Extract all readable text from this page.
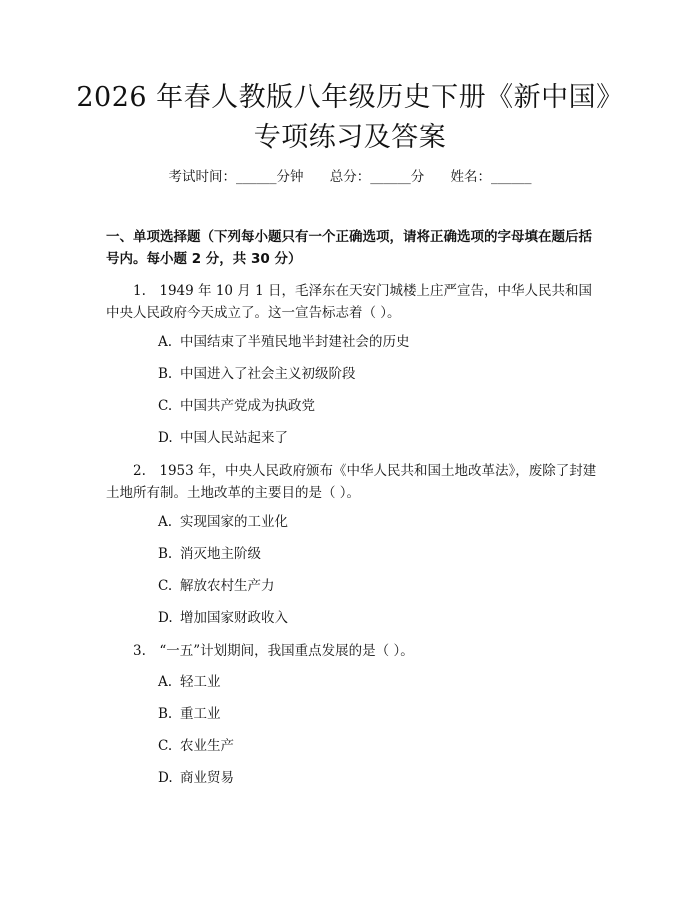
2026 年春人教版八年级历史下册《新中国》
专项练习及答案
考试时间：______分钟 总分：______分 姓名：______
一、单项选择题（下列每小题只有一个正确选项，请将正确选项的字母填在题后括号内。每小题 2 分，共 30 分）
1.　1949 年 10 月 1 日，毛泽东在天安门城楼上庄严宣告，中华人民共和国中央人民政府今天成立了。这一宣告标志着（ ）。
A. 中国结束了半殖民地半封建社会的历史
B. 中国进入了社会主义初级阶段
C. 中国共产党成为执政党
D. 中国人民站起来了
2.　1953 年，中央人民政府颁布《中华人民共和国土地改革法》，废除了封建土地所有制。土地改革的主要目的是（ ）。
A. 实现国家的工业化
B. 消灭地主阶级
C. 解放农村生产力
D. 增加国家财政收入
3.　“一五”计划期间，我国重点发展的是（ ）。
A. 轻工业
B. 重工业
C. 农业生产
D. 商业贸易
